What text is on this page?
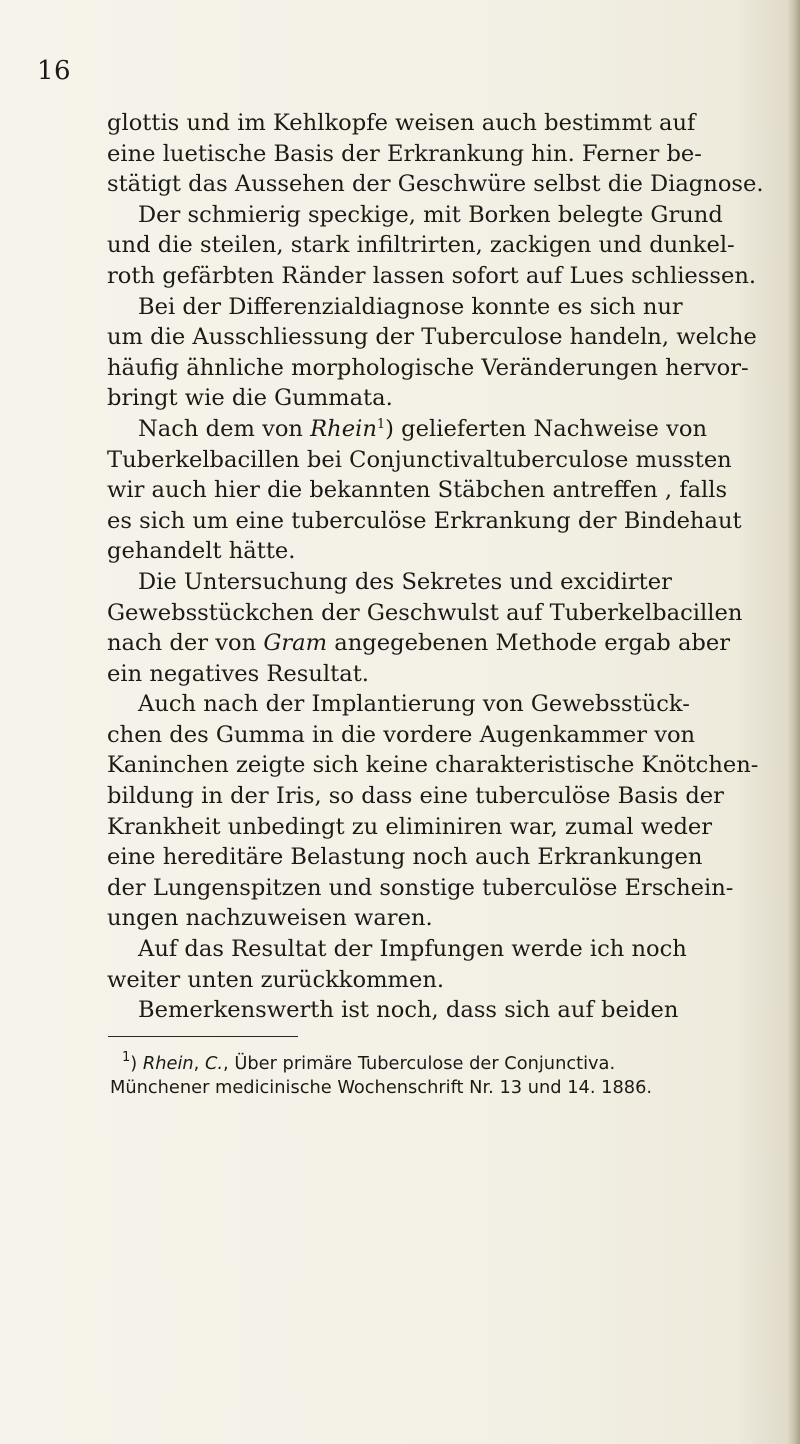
16
glottis und im Kehlkopfe weisen auch bestimmt auf
eine luetische Basis der Erkrankung hin. Ferner be-
stätigt das Aussehen der Geschwüre selbst die Diagnose.
Der schmierig speckige, mit Borken belegte Grund
und die steilen, stark infiltrirten, zackigen und dunkel-
roth gefärbten Ränder lassen sofort auf Lues schliessen.
Bei der Differenzialdiagnose konnte es sich nur
um die Ausschliessung der Tuberculose handeln, welche
häufig ähnliche morphologische Veränderungen hervor-
bringt wie die Gummata.
Nach dem von Rhein$^1$) gelieferten Nachweise von
Tuberkelbacillen bei Conjunctivaltuberculose mussten
wir auch hier die bekannten Stäbchen antreffen , falls
es sich um eine tuberculöse Erkrankung der Bindehaut
gehandelt hätte.
Die Untersuchung des Sekretes und excidirter
Gewebsstückchen der Geschwulst auf Tuberkelbacillen
nach der von Gram angegebenen Methode ergab aber
ein negatives Resultat.
Auch nach der Implantierung von Gewebsstück-
chen des Gumma in die vordere Augenkammer von
Kaninchen zeigte sich keine charakteristische Knötchen-
bildung in der Iris, so dass eine tuberculöse Basis der
Krankheit unbedingt zu eliminiren war, zumal weder
eine hereditäre Belastung noch auch Erkrankungen
der Lungenspitzen und sonstige tuberculöse Erschein-
ungen nachzuweisen waren.
Auf das Resultat der Impfungen werde ich noch
weiter unten zurückkommen.
Bemerkenswerth ist noch, dass sich auf beiden
$^1$) Rhein, C., Über primäre Tuberculose der Conjunctiva.
Münchener medicinische Wochenschrift Nr. 13 und 14. 1886.
